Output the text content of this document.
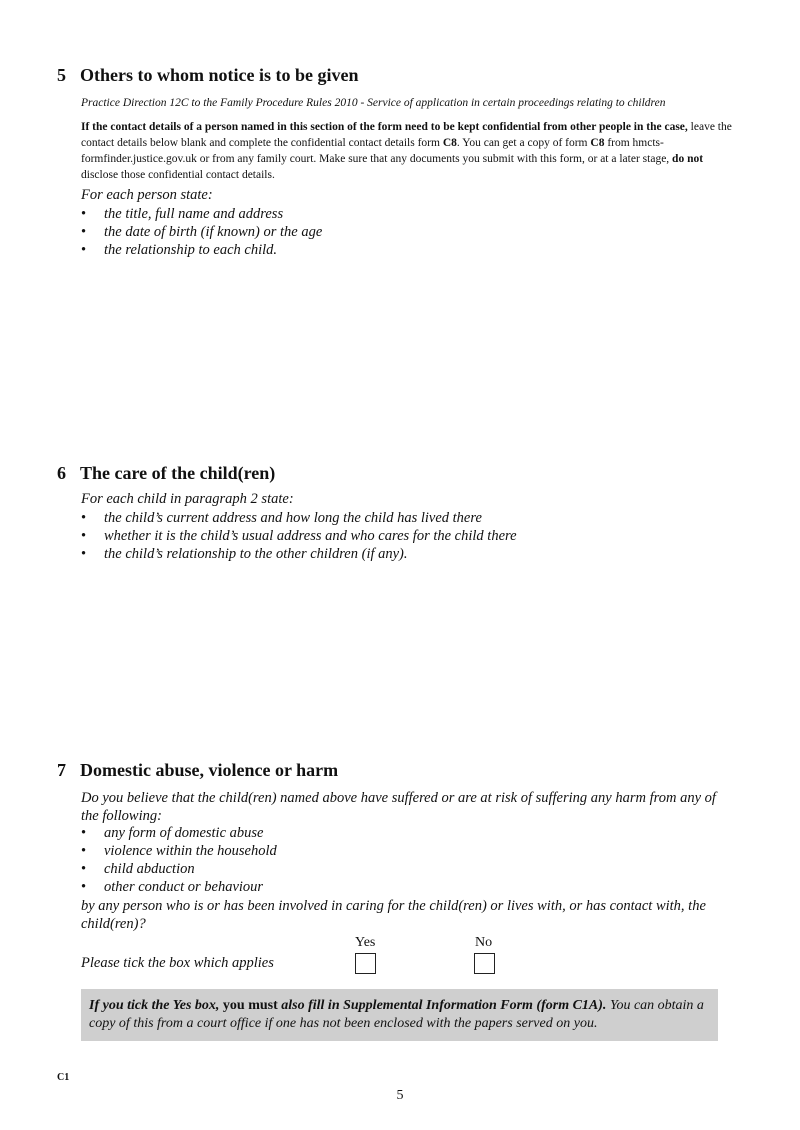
5 Others to whom notice is to be given
Practice Direction 12C to the Family Procedure Rules 2010 - Service of application in certain proceedings relating to children
If the contact details of a person named in this section of the form need to be kept confidential from other people in the case, leave the contact details below blank and complete the confidential contact details form C8. You can get a copy of form C8 from hmcts-formfinder.justice.gov.uk or from any family court. Make sure that any documents you submit with this form, or at a later stage, do not disclose those confidential contact details.
For each person state:
• the title, full name and address
• the date of birth (if known) or the age
• the relationship to each child.
6 The care of the child(ren)
For each child in paragraph 2 state:
• the child’s current address and how long the child has lived there
• whether it is the child’s usual address and who cares for the child there
• the child’s relationship to the other children (if any).
7 Domestic abuse, violence or harm
Do you believe that the child(ren) named above have suffered or are at risk of suffering any harm from any of the following:
• any form of domestic abuse
• violence within the household
• child abduction
• other conduct or behaviour
by any person who is or has been involved in caring for the child(ren) or lives with, or has contact with, the child(ren)?
Yes	No
Please tick the box which applies
If you tick the Yes box, you must also fill in Supplemental Information Form (form C1A). You can obtain a copy of this from a court office if one has not been enclosed with the papers served on you.
C1
5
